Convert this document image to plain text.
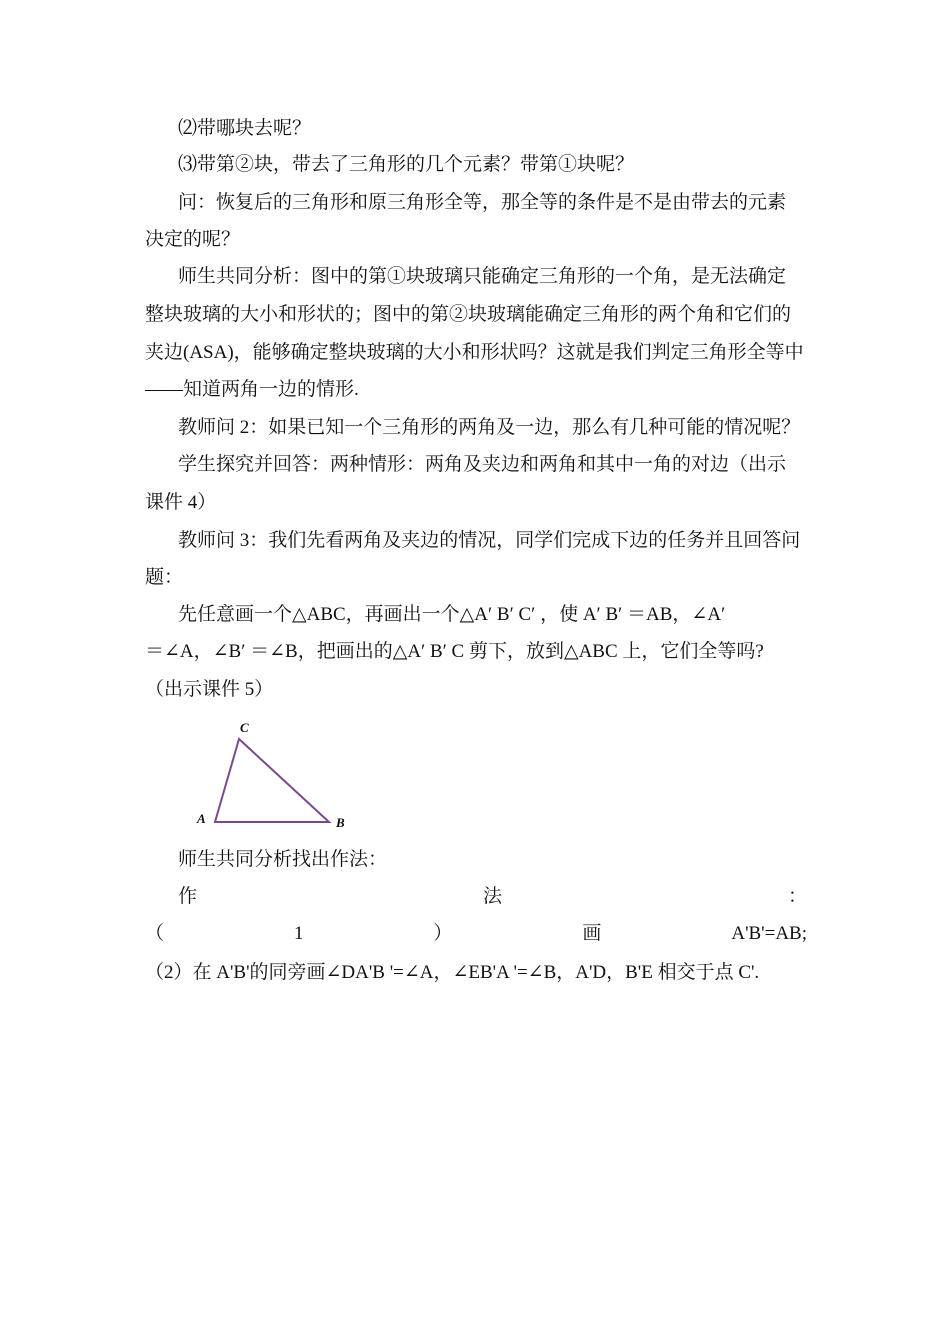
⑵带哪块去呢？
⑶带第②块，带去了三角形的几个元素？带第①块呢？
问：恢复后的三角形和原三角形全等，那全等的条件是不是由带去的元素
决定的呢？
师生共同分析：图中的第①块玻璃只能确定三角形的一个角，是无法确定
整块玻璃的大小和形状的；图中的第②块玻璃能确定三角形的两个角和它们的
夹边(ASA)，能够确定整块玻璃的大小和形状吗？这就是我们判定三角形全等中
——知道两角一边的情形.
教师问 2：如果已知一个三角形的两角及一边，那么有几种可能的情况呢？
学生探究并回答：两种情形：两角及夹边和两角和其中一角的对边（出示
课件 4）
教师问 3：我们先看两角及夹边的情况，同学们完成下边的任务并且回答问
题：
先任意画一个△ABC，再画出一个△A′ B′ C′ ，使 A′ B′ ＝AB，∠A′
＝∠A，∠B′ ＝∠B，把画出的△A′ B′ C 剪下，放到△ABC 上，它们全等吗?
（出示课件 5）
C
A	B
师生共同分析找出作法：
作	法	：
（	1	）	画	A'B'=AB;
（2）在 A'B'的同旁画∠DA'B '=∠A，∠EB'A '=∠B，A'D，B'E 相交于点 C'.
